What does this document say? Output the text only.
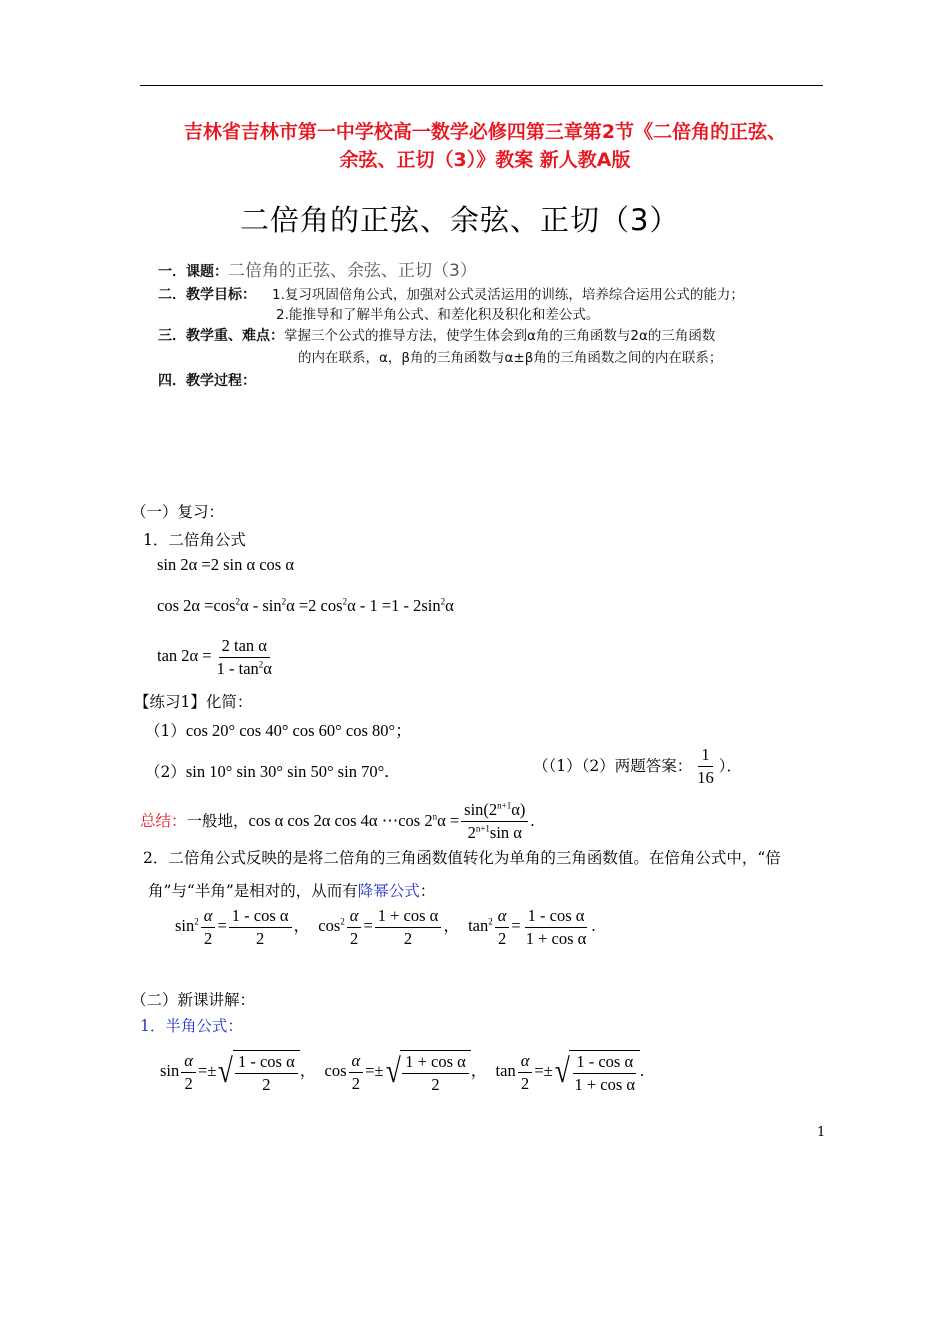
吉林省吉林市第一中学校高一数学必修四第三章第2节《二倍角的正弦、
余弦、正切（3）》教案 新人教A版
二倍角的正弦、余弦、正切（3）
一．课题：二倍角的正弦、余弦、正切（3）
二．教学目标： 1.复习巩固倍角公式，加强对公式灵活运用的训练，培养综合运用公式的能力；
2.能推导和了解半角公式、和差化积及积化和差公式。
三．教学重、难点：掌握三个公式的推导方法，使学生体会到α角的三角函数与2α的三角函数
的内在联系，α，β角的三角函数与α±β角的三角函数之间的内在联系；
四．教学过程：
（一）复习：
1．二倍角公式
sin 2α =2 sin α cos α
$\cos 2\alpha =\cos^2\alpha - \sin^2\alpha =2$ $\cos^2\alpha - 1 =1 - 2\sin^2\alpha$
$\tan 2\alpha = \frac{\text{2 tan α}}{1 - \tan^2\alpha}$
【练习1】化简：
（1）cos 20° cos 40° cos 60° cos 80°；
（2）sin 10° sin 30° sin 50° sin 70°．	（（1）（2）两题答案： $\frac{1}{16}$ ）．
总结：一般地，cos α cos 2α cos 4α ⋯cos $2^n\alpha = \frac{\sin(2^{n+1}\alpha)}{2^{n+1}\sin \alpha}$ .
2．二倍角公式反映的是将二倍角的三角函数值转化为单角的三角函数值。在倍角公式中，“倍
角”与“半角”是相对的，从而有降幂公式：
$\sin^2 \frac{\alpha}{2} = \frac{\text{1 - cos α}}{2}$ ，  $\cos^2 \frac{\alpha}{2} = \frac{\text{1 + cos α}}{2}$ ，  $\tan^2 \frac{\alpha}{2} = \frac{\text{1 - cos α}}{\text{1 + cos α}}$ .
（二）新课讲解：
1．半角公式：
$\sin \frac{\alpha}{2}$ =± √ $\frac{\text{1 - cos α}}{2}$ ，  $\cos \frac{\alpha}{2}$ =± √ $\frac{\text{1 + cos α}}{2}$ ，  $\tan \frac{\alpha}{2}$ =± √ $\frac{\text{1 - cos α}}{\text{1 + cos α}}$ .
1
